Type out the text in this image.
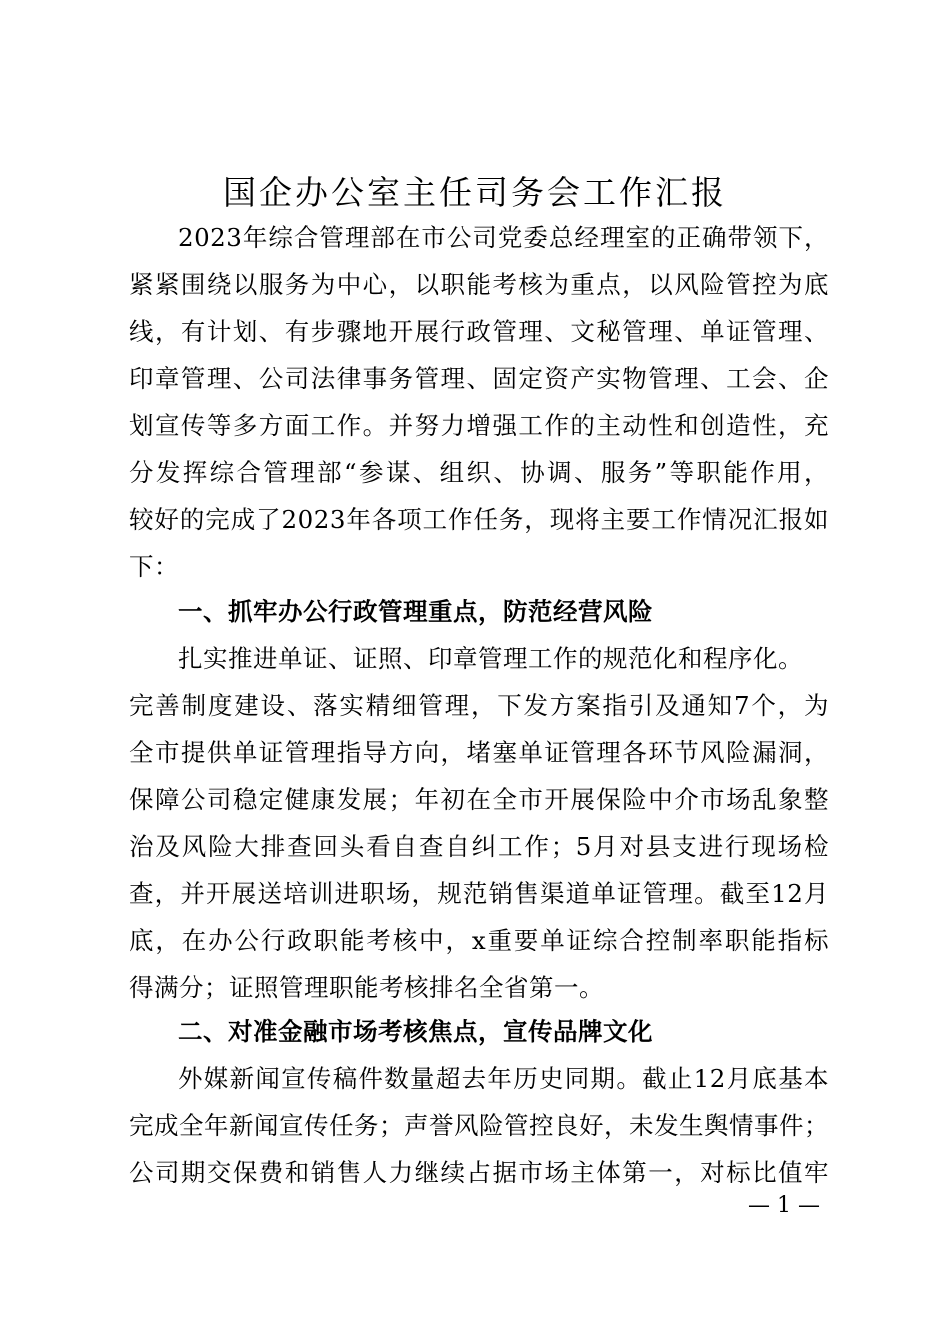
国企办公室主任司务会工作汇报
2023年综合管理部在市公司党委总经理室的正确带领下，
紧紧围绕以服务为中心，以职能考核为重点，以风险管控为底
线，有计划、有步骤地开展行政管理、文秘管理、单证管理、
印章管理、公司法律事务管理、固定资产实物管理、工会、企
划宣传等多方面工作。并努力增强工作的主动性和创造性，充
分发挥综合管理部“参谋、组织、协调、服务”等职能作用，
较好的完成了2023年各项工作任务，现将主要工作情况汇报如
下：
一、抓牢办公行政管理重点，防范经营风险
扎实推进单证、证照、印章管理工作的规范化和程序化。
完善制度建设、落实精细管理，下发方案指引及通知7个，为
全市提供单证管理指导方向，堵塞单证管理各环节风险漏洞，
保障公司稳定健康发展；年初在全市开展保险中介市场乱象整
治及风险大排查回头看自查自纠工作；5月对县支进行现场检
查，并开展送培训进职场，规范销售渠道单证管理。截至12月
底，在办公行政职能考核中，x重要单证综合控制率职能指标
得满分；证照管理职能考核排名全省第一。
二、对准金融市场考核焦点，宣传品牌文化
外媒新闻宣传稿件数量超去年历史同期。截止12月底基本
完成全年新闻宣传任务；声誉风险管控良好，未发生舆情事件；
公司期交保费和销售人力继续占据市场主体第一，对标比值牢
— 1 —
